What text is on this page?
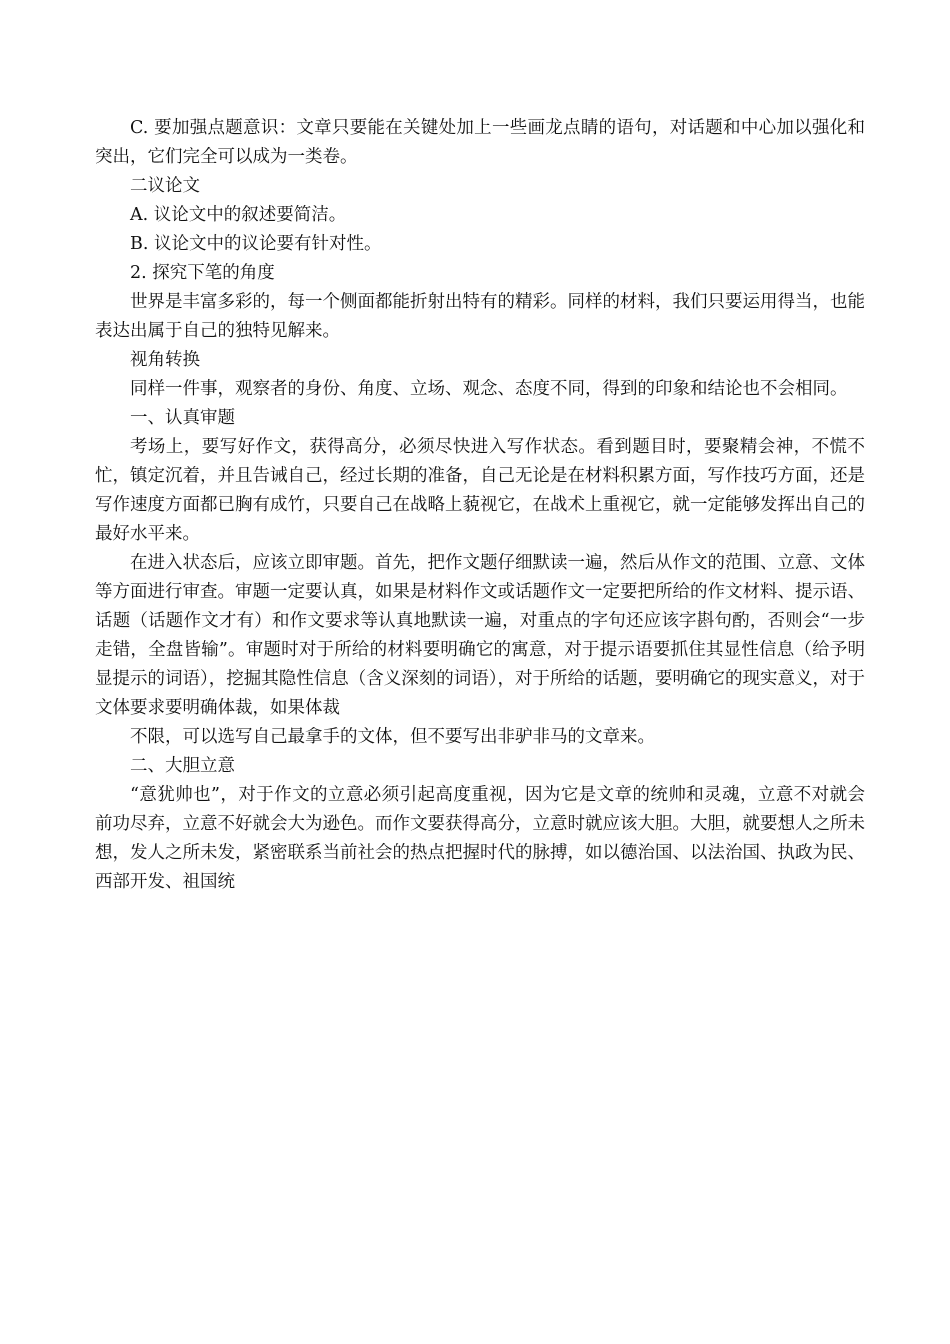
C. 要加强点题意识：文章只要能在关键处加上一些画龙点睛的语句，对话题和中心加以强化和突出，它们完全可以成为一类卷。

二议论文

A. 议论文中的叙述要简洁。

B. 议论文中的议论要有针对性。

2. 探究下笔的角度

世界是丰富多彩的，每一个侧面都能折射出特有的精彩。同样的材料，我们只要运用得当，也能表达出属于自己的独特见解来。

视角转换

同样一件事，观察者的身份、角度、立场、观念、态度不同，得到的印象和结论也不会相同。

一、认真审题

考场上，要写好作文，获得高分，必须尽快进入写作状态。看到题目时，要聚精会神，不慌不忙，镇定沉着，并且告诫自己，经过长期的准备，自己无论是在材料积累方面，写作技巧方面，还是写作速度方面都已胸有成竹，只要自己在战略上藐视它，在战术上重视它，就一定能够发挥出自己的最好水平来。

在进入状态后，应该立即审题。首先，把作文题仔细默读一遍，然后从作文的范围、立意、文体等方面进行审查。审题一定要认真，如果是材料作文或话题作文一定要把所给的作文材料、提示语、话题（话题作文才有）和作文要求等认真地默读一遍，对重点的字句还应该字斟句酌，否则会“一步走错，全盘皆输”。审题时对于所给的材料要明确它的寓意，对于提示语要抓住其显性信息（给予明显提示的词语），挖掘其隐性信息（含义深刻的词语），对于所给的话题，要明确它的现实意义，对于文体要求要明确体裁，如果体裁

不限，可以选写自己最拿手的文体，但不要写出非驴非马的文章来。

二、大胆立意

“意犹帅也”，对于作文的立意必须引起高度重视，因为它是文章的统帅和灵魂，立意不对就会前功尽弃，立意不好就会大为逊色。而作文要获得高分，立意时就应该大胆。大胆，就要想人之所未想，发人之所未发，紧密联系当前社会的热点把握时代的脉搏，如以德治国、以法治国、执政为民、西部开发、祖国统
